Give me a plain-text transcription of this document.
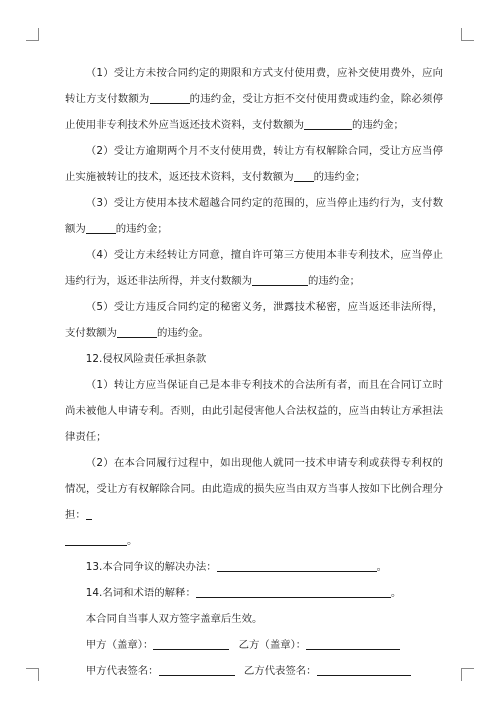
（1）受让方未按合同约定的期限和方式支付使用费，应补交使用费外，应向转让方支付数额为	的违约金，受让方拒不交付使用费或违约金，除必须停止使用非专利技术外应当返还技术资料，支付数额为	的违约金；

（2）受让方逾期两个月不支付使用费，转让方有权解除合同，受让方应当停止实施被转让的技术，返还技术资料，支付数额为 的违约金；

（3）受让方使用本技术超越合同约定的范围的，应当停止违约行为，支付数额为	的违约金；

（4）受让方未经转让方同意，擅自许可第三方使用本非专利技术，应当停止违约行为，返还非法所得，并支付数额为	的违约金；

（5）受让方违反合同约定的秘密义务，泄露技术秘密，应当返还非法所得，支付数额为	的违约金。

12.侵权风险责任承担条款

（1）转让方应当保证自己是本非专利技术的合法所有者，而且在合同订立时尚未被他人申请专利。否则，由此引起侵害他人合法权益的，应当由转让方承担法律责任；

（2）在本合同履行过程中，如出现他人就同一技术申请专利或获得专利权的情况，受让方有权解除合同。由此造成的损失应当由双方当事人按如下比例合理分担：

。

13.本合同争议的解决办法：	。

14.名词和术语的解释：	。

本合同自当事人双方签字盖章后生效。

甲方（盖章）：	乙方（盖章）：

甲方代表签名：	乙方代表签名：
